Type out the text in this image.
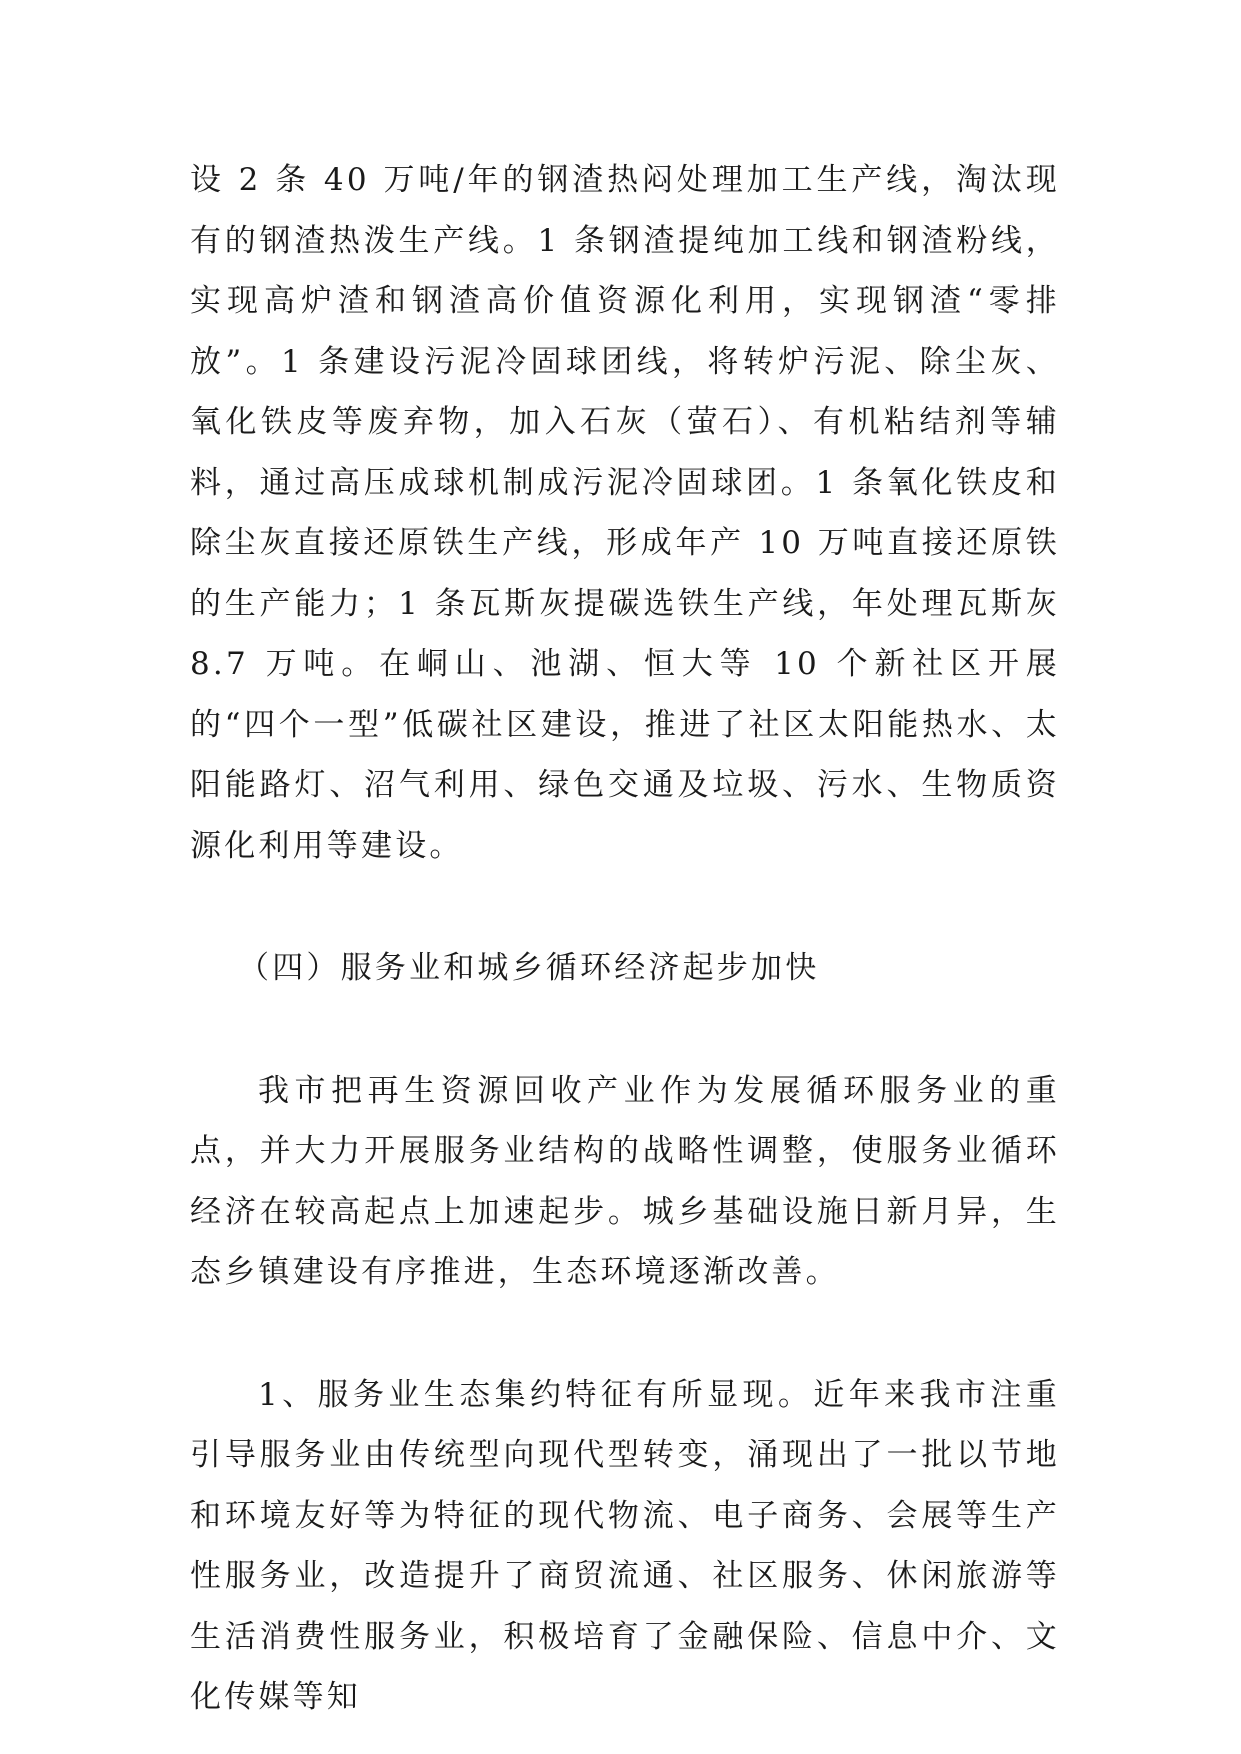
设 2 条 40 万吨/年的钢渣热闷处理加工生产线，淘汰现有的钢渣热泼生产线。1 条钢渣提纯加工线和钢渣粉线，实现高炉渣和钢渣高价值资源化利用，实现钢渣“零排放”。1 条建设污泥冷固球团线，将转炉污泥、除尘灰、氧化铁皮等废弃物，加入石灰（萤石）、有机粘结剂等辅料，通过高压成球机制成污泥冷固球团。1 条氧化铁皮和除尘灰直接还原铁生产线，形成年产 10 万吨直接还原铁的生产能力；1 条瓦斯灰提碳选铁生产线，年处理瓦斯灰 8.7 万吨。在峒山、池湖、恒大等 10 个新社区开展的“四个一型”低碳社区建设，推进了社区太阳能热水、太阳能路灯、沼气利用、绿色交通及垃圾、污水、生物质资源化利用等建设。

（四）服务业和城乡循环经济起步加快

我市把再生资源回收产业作为发展循环服务业的重点，并大力开展服务业结构的战略性调整，使服务业循环经济在较高起点上加速起步。城乡基础设施日新月异，生态乡镇建设有序推进，生态环境逐渐改善。

1、服务业生态集约特征有所显现。近年来我市注重引导服务业由传统型向现代型转变，涌现出了一批以节地和环境友好等为特征的现代物流、电子商务、会展等生产性服务业，改造提升了商贸流通、社区服务、休闲旅游等生活消费性服务业，积极培育了金融保险、信息中介、文化传媒等知
